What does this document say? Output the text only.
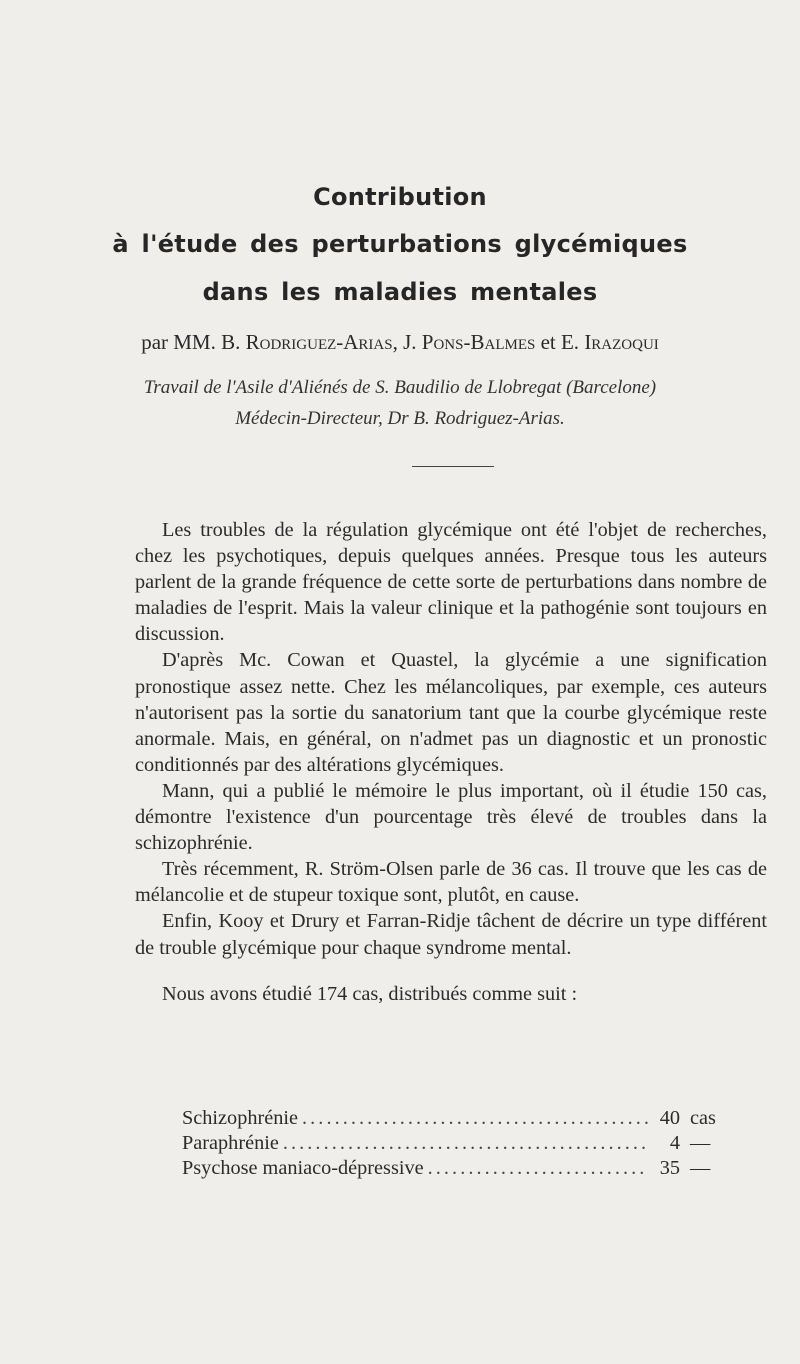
Contribution
à l'étude des perturbations glycémiques
dans les maladies mentales
par MM. B. Rodriguez-Arias, J. Pons-Balmes et E. Irazoqui
Travail de l'Asile d'Aliénés de S. Baudilio de Llobregat (Barcelone)
Médecin-Directeur, Dr B. Rodriguez-Arias.

Les troubles de la régulation glycémique ont été l'objet de recherches, chez les psychotiques, depuis quelques années. Presque tous les auteurs parlent de la grande fréquence de cette sorte de perturbations dans nombre de maladies de l'esprit. Mais la valeur clinique et la pathogénie sont toujours en discussion.

D'après Mc. Cowan et Quastel, la glycémie a une signification pronostique assez nette. Chez les mélancoliques, par exemple, ces auteurs n'autorisent pas la sortie du sanatorium tant que la courbe glycémique reste anormale. Mais, en général, on n'admet pas un diagnostic et un pronostic conditionnés par des altérations glycémiques.

Mann, qui a publié le mémoire le plus important, où il étudie 150 cas, démontre l'existence d'un pourcentage très élevé de troubles dans la schizophrénie.

Très récemment, R. Ström-Olsen parle de 36 cas. Il trouve que les cas de mélancolie et de stupeur toxique sont, plutôt, en cause.

Enfin, Kooy et Drury et Farran-Ridje tâchent de décrire un type différent de trouble glycémique pour chaque syndrome mental.

Nous avons étudié 174 cas, distribués comme suit :

Schizophrénie . . .	40 cas
Paraphrénie . . .	4 —
Psychose maniaco-dépressive . . .	35 —
